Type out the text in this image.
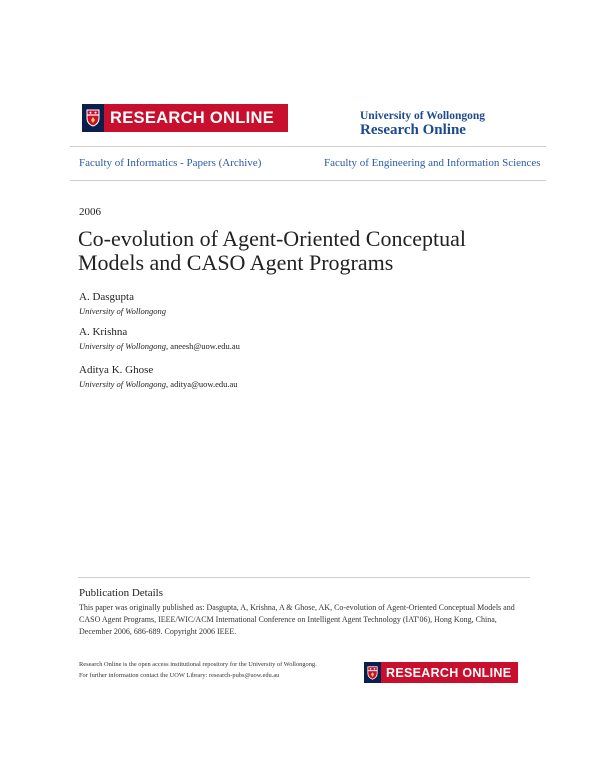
RESEARCH ONLINE	University of Wollongong
Research Online
Faculty of Informatics - Papers (Archive)	Faculty of Engineering and Information Sciences
2006
Co-evolution of Agent-Oriented Conceptual Models and CASO Agent Programs
A. Dasgupta
University of Wollongong
A. Krishna
University of Wollongong, aneesh@uow.edu.au
Aditya K. Ghose
University of Wollongong, aditya@uow.edu.au
Publication Details
This paper was originally published as: Dasgupta, A, Krishna, A & Ghose, AK, Co-evolution of Agent-Oriented Conceptual Models and CASO Agent Programs, IEEE/WIC/ACM International Conference on Intelligent Agent Technology (IAT'06), Hong Kong, China, December 2006, 686-689. Copyright 2006 IEEE.
Research Online is the open access institutional repository for the University of Wollongong. For further information contact the UOW Library: research-pubs@uow.edu.au	RESEARCH ONLINE
